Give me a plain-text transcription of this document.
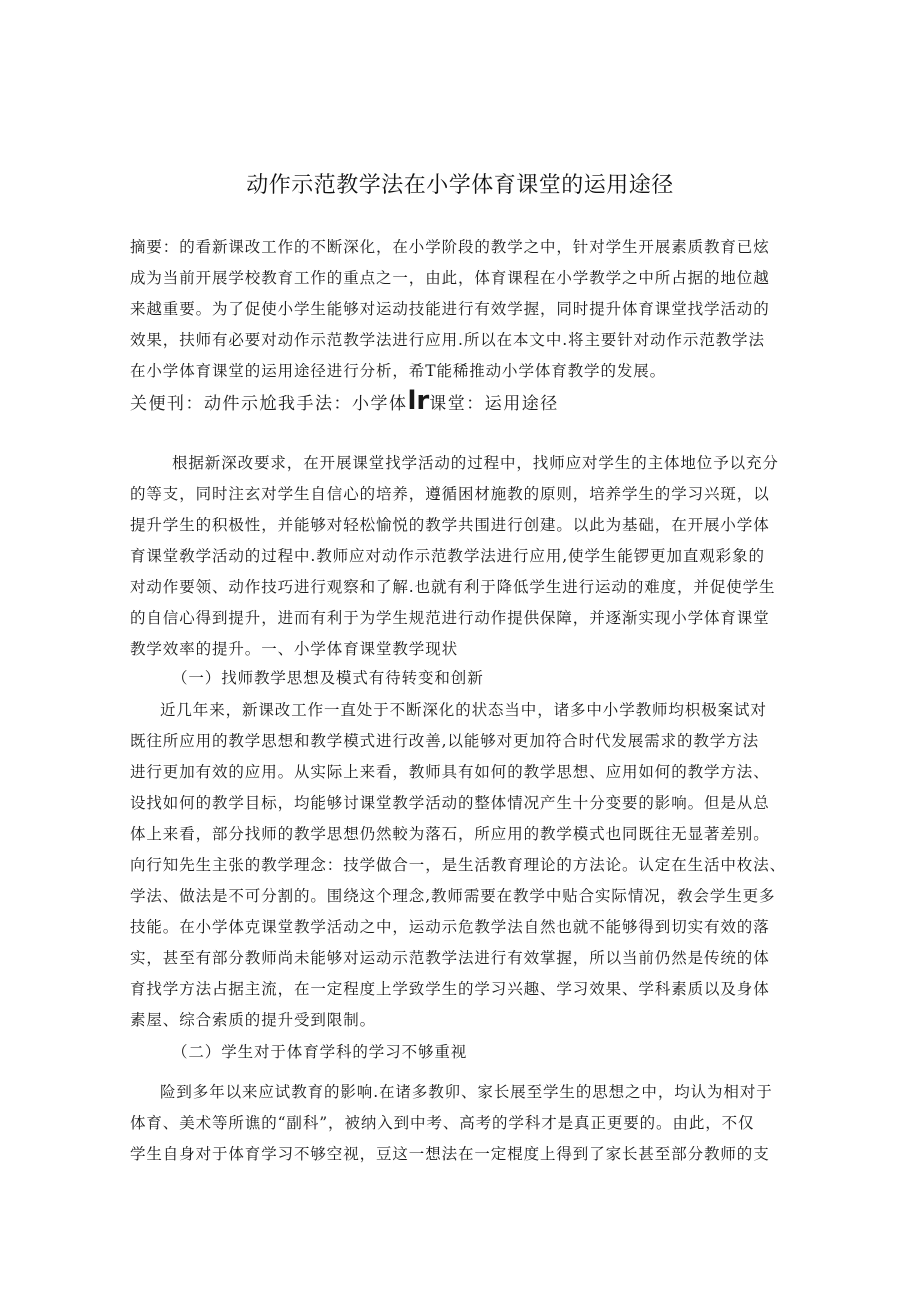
动作示范教学法在小学体育课堂的运用途径
摘要：的看新课改工作的不断深化，在小学阶段的教学之中，针对学生开展素质教育已炫
成为当前开展学校教育工作的重点之一，由此，体育课程在小学教学之中所占据的地位越
来越重要。为了促使小学生能够对运动技能进行有效学握，同时提升体育课堂找学活动的
效果，扶师有必要对动作示范教学法进行应用.所以在本文中.将主要针对动作示范教学法
在小学体育课堂的运用途径进行分析，希T能稀推动小学体育教学的发展。
关便刊：动件示尬我手法：小学体lr课堂：运用途径
根据新深改要求，在开展课堂找学活动的过程中，找师应对学生的主体地位予以充分
的等支，同时注玄对学生自信心的培养，遵循困材施教的原则，培养学生的学习兴斑，以
提升学生的积极性，并能够对轻松愉悦的教学共围进行创建。以此为基础，在开展小学体
育课堂敎学活动的过程中.教师应对动作示范教学法进行应用,使学生能锣更加直观彩象的
对动作要领、动作技巧进行观察和了解.也就有利于降低学生进行运动的难度，并促使学生
的自信心得到提升，进而有利于为学生规范进行动作提供保障，并逐渐实现小学体育课堂
教学效率的提升。一、小学体育课堂教学现状
（一）找师教学思想及模式有待转变和创新
近几年来，新课改工作一直处于不断深化的状态当中，诸多中小学教师均枳极案试对
既往所应用的教学思想和教学模式进行改善,以能够对更加符合时代发展需求的教学方法
进行更加有效的应用。从实际上来看，教师具有如何的教学思想、应用如何的教学方法、
设找如何的教学目标，均能够讨课堂教学活动的整体情况产生十分变要的影响。但是从总
体上来看，部分找师的教学思想仍然較为落石，所应用的教学模式也同既往无显著差别。
向行知先生主张的教学理念：技学做合一，是生活教育理论的方法论。认定在生活中枚法、
学法、做法是不可分割的。围绕这个理念,教师需要在教学中贴合实际情况，敎会学生更多
技能。在小学体克课堂教学活动之中，运动示危教学法自然也就不能够得到切实有效的落
实，甚至有部分教师尚未能够对运动示范教学法进行有效掌握，所以当前仍然是传统的体
育找学方法占据主流，在一定程度上学致学生的学习兴趣、学习效果、学科素质以及身体
素屋、综合索质的提升受到限制。
（二）学生对于体育学科的学习不够重视
险到多年以来应试教育的影响.在诸多教卯、家长展至学生的思想之中，均认为相对于
体育、美术等所谯的“副科”，被纳入到中考、高考的学科才是真正更要的。由此，不仅
学生自身对于体育学习不够空视，豆这一想法在一定棍度上得到了家长甚至部分教师的支
